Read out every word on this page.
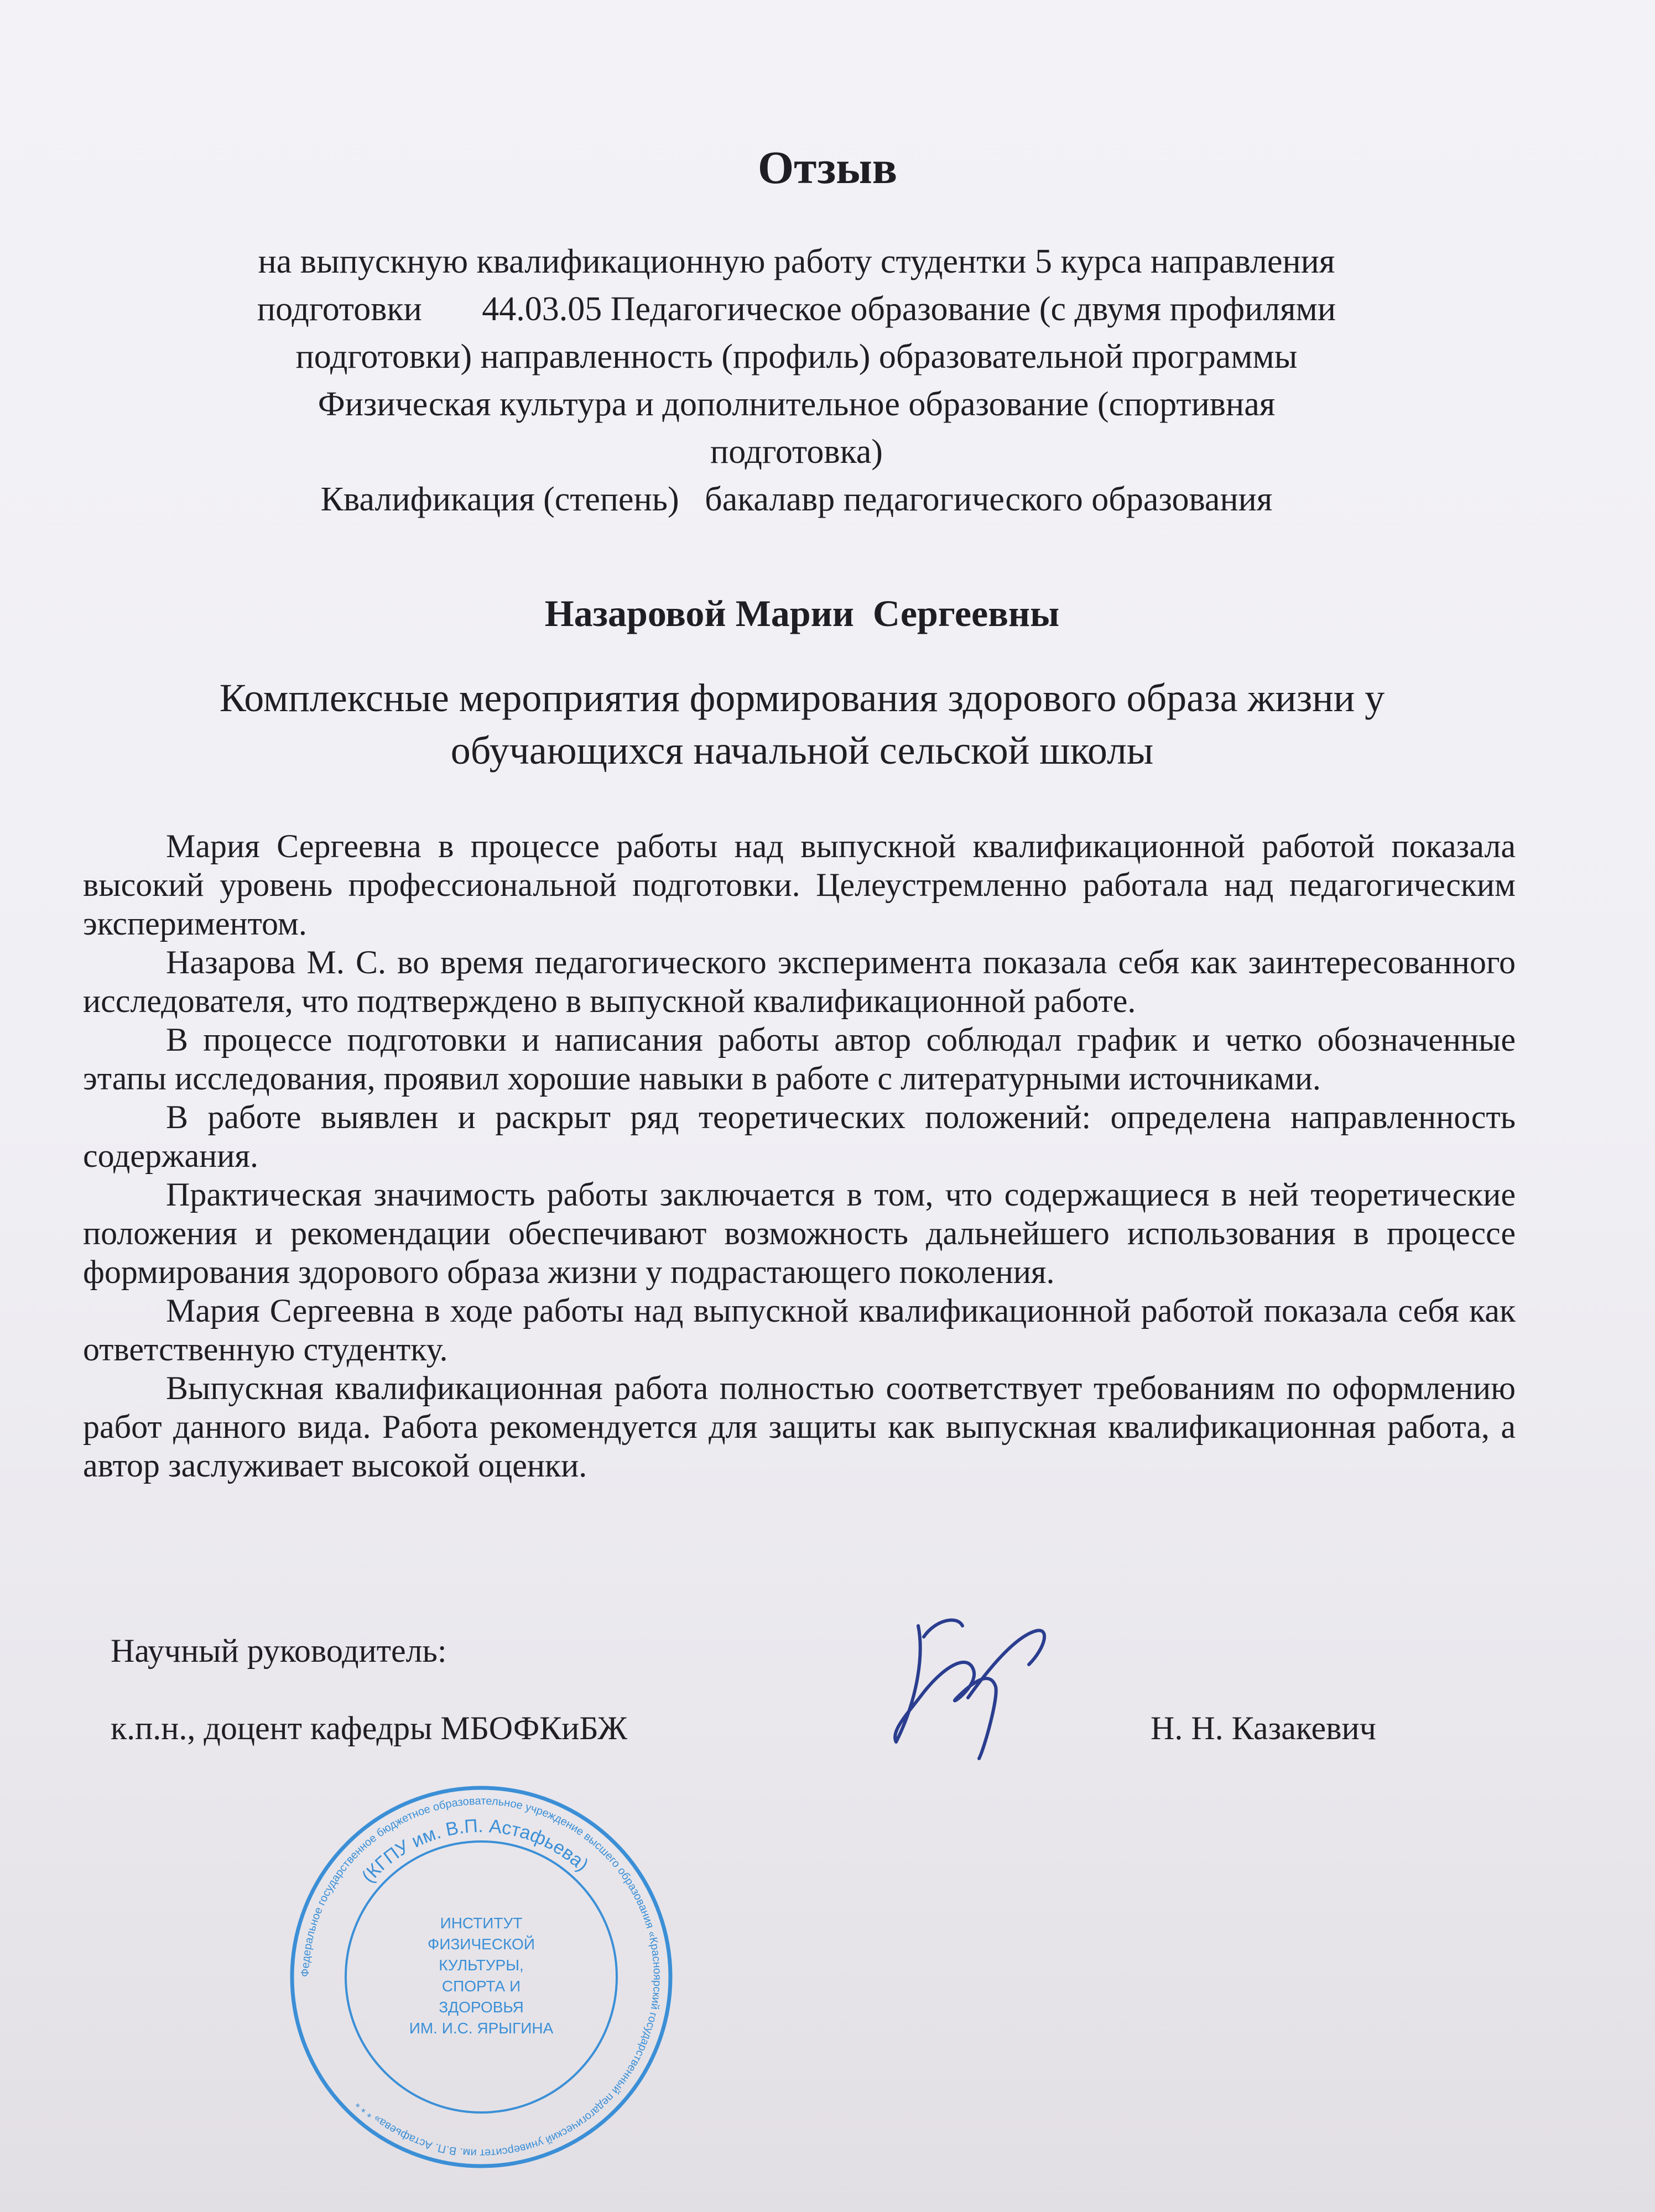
Отзыв
на выпускную квалификационную работу студентки 5 курса направления
подготовки       44.03.05 Педагогическое образование (с двумя профилями
подготовки) направленность (профиль) образовательной программы
Физическая культура и дополнительное образование (спортивная
подготовка)
Квалификация (степень)   бакалавр педагогического образования
Назаровой Марии  Сергеевны
Комплексные мероприятия формирования здорового образа жизни у обучающихся начальной сельской школы

Мария Сергеевна в процессе работы над выпускной квалификационной работой показала высокий уровень профессиональной подготовки. Целеустремленно работала над педагогическим экспериментом.

Назарова М. С. во время педагогического эксперимента показала себя как заинтересованного исследователя, что подтверждено в выпускной квалификационной работе.

В процессе подготовки и написания работы автор соблюдал график и четко обозначенные этапы исследования, проявил хорошие навыки в работе с литературными источниками.

В работе выявлен и раскрыт ряд теоретических положений: определена направленность содержания.

Практическая значимость работы заключается в том, что содержащиеся в ней теоретические положения и рекомендации обеспечивают возможность дальнейшего использования в процессе формирования здорового образа жизни у подрастающего поколения.

Мария Сергеевна в ходе работы над выпускной квалификационной работой показала себя как ответственную студентку.

Выпускная квалификационная работа полностью соответствует требованиям по оформлению работ данного вида. Работа рекомендуется для защиты как выпускная квалификационная работа, а автор заслуживает высокой оценки.

Научный руководитель:
к.п.н., доцент кафедры МБОФКиБЖ	Н. Н. Казакевич
Федеральное государственное бюджетное образовательное учреждение высшего образования «Красноярский государственный педагогический университет им. В.П. Астафьева» * * *
(КГПУ им. В.П. Астафьева)
ИНСТИТУТ
ФИЗИЧЕСКОЙ
КУЛЬТУРЫ,
СПОРТА И
ЗДОРОВЬЯ
ИМ. И.С. ЯРЫГИНА
